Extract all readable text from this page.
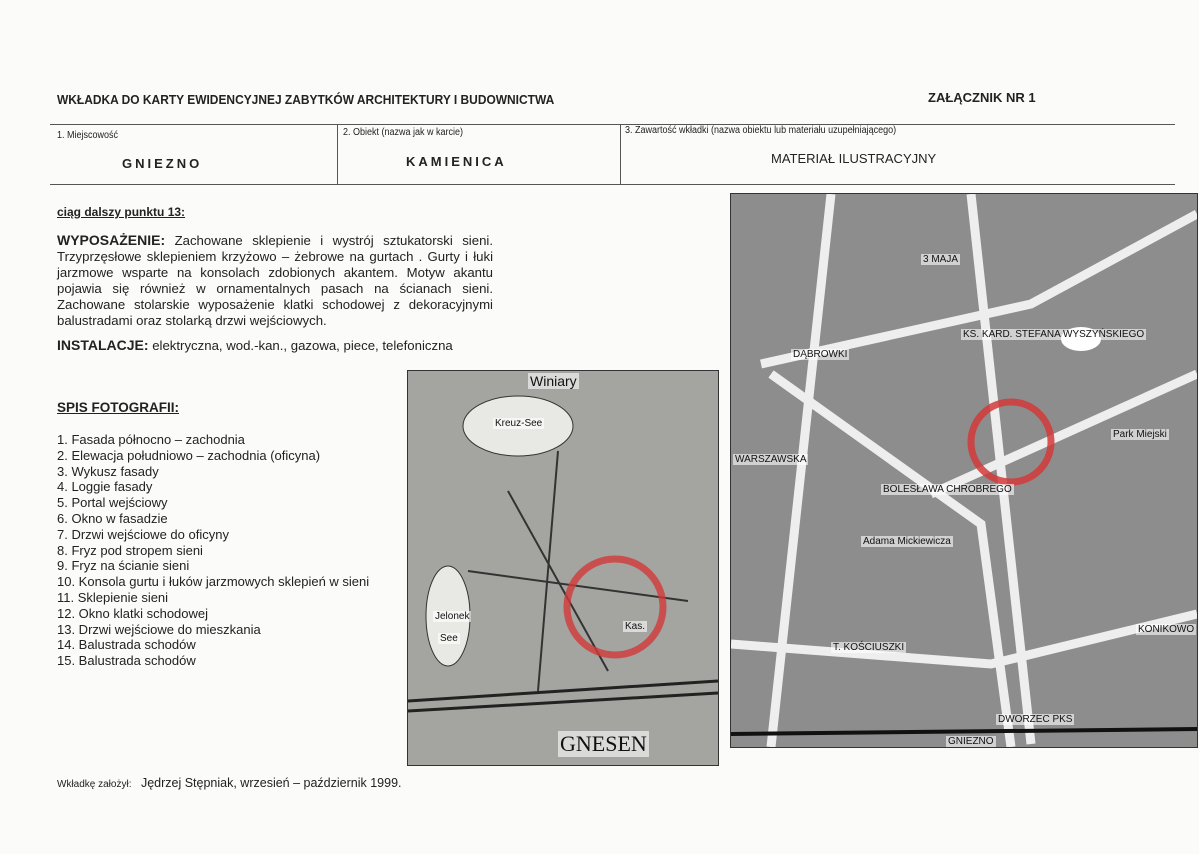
WKŁADKA DO KARTY EWIDENCYJNEJ ZABYTKÓW ARCHITEKTURY I BUDOWNICTWA	ZAŁĄCZNIK NR 1
1. Miejscowość
GNIEZNO
2. Obiekt (nazwa jak w karcie)
KAMIENICA
3. Zawartość wkładki (nazwa obiektu lub materiału uzupełniającego)
MATERIAŁ ILUSTRACYJNY
ciąg dalszy punktu 13:
WYPOSAŻENIE: Zachowane sklepienie i wystrój sztukatorski sieni. Trzyprzęsłowe sklepieniem krzyżowo – żebrowe na gurtach . Gurty i łuki jarzmowe wsparte na konsolach zdobionych akantem. Motyw akantu pojawia się również w ornamentalnych pasach na ścianach sieni. Zachowane stolarskie wyposażenie klatki schodowej z dekoracyjnymi balustradami oraz stolarką drzwi wejściowych.
INSTALACJE: elektryczna, wod.-kan., gazowa, piece, telefoniczna
SPIS FOTOGRAFII:
1. Fasada północno – zachodnia
2. Elewacja południowo – zachodnia (oficyna)
3. Wykusz fasady
4. Loggie fasady
5. Portal wejściowy
6. Okno w fasadzie
7. Drzwi wejściowe do oficyny
8. Fryz pod stropem sieni
9. Fryz na ścianie sieni
10. Konsola gurtu i łuków jarzmowych sklepień w sieni
11. Sklepienie sieni
12. Okno klatki schodowej
13. Drzwi wejściowe do mieszkania
14. Balustrada schodów
15. Balustrada schodów
Winiary
Kreuz-See
Jelonek
See
Kas.
GNESEN
KS. KARD. STEFANA WYSZYŃSKIEGO
DĄBROWKI
BOLESŁAWA CHROBREGO
WARSZAWSKA
T. KOŚCIUSZKI
Park Miejski
Adama Mickiewicza
DWORZEC PKS
KONIKOWO
3 MAJA
GNIEZNO
Wkładkę założył: Jędrzej Stępniak, wrzesień – październik 1999.
